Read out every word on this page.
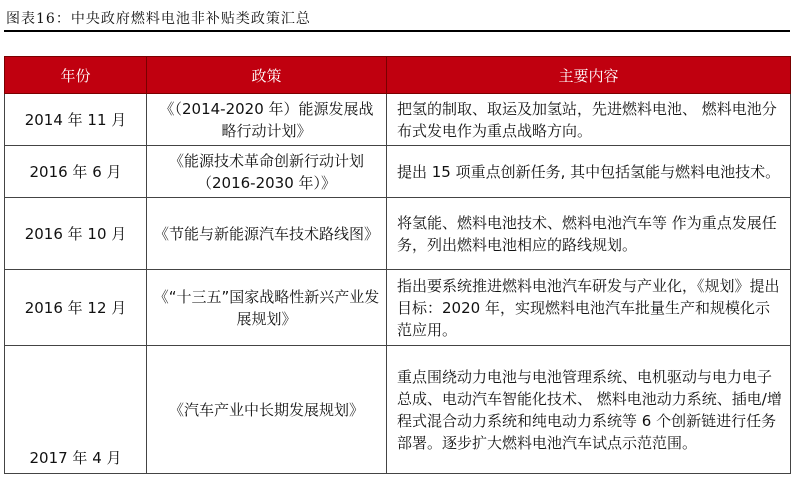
图表16：中央政府燃料电池非补贴类政策汇总
年份	政策	主要内容
2014 年 11 月	《（2014-2020 年）能源发展战略行动计划》	把氢的制取、取运及加氢站，先进燃料电池、 燃料电池分布式发电作为重点战略方向。
2016 年 6 月	《能源技术革命创新行动计划（2016-2030 年）》	提出 15 项重点创新任务, 其中包括氢能与燃料电池技术。
2016 年 10 月	《节能与新能源汽车技术路线图》	将氢能、燃料电池技术、燃料电池汽车等 作为重点发展任务，列出燃料电池相应的路线规划。
2016 年 12 月	《“十三五”国家战略性新兴产业发展规划》	指出要系统推进燃料电池汽车研发与产业化，《规划》提出目标：2020 年，实现燃料电池汽车批量生产和规模化示范应用。
2017 年 4 月	《汽车产业中长期发展规划》	重点围绕动力电池与电池管理系统、电机驱动与电力电子总成、电动汽车智能化技术、 燃料电池动力系统、插电/增程式混合动力系统和纯电动力系统等 6 个创新链进行任务部署。逐步扩大燃料电池汽车试点示范范围。
